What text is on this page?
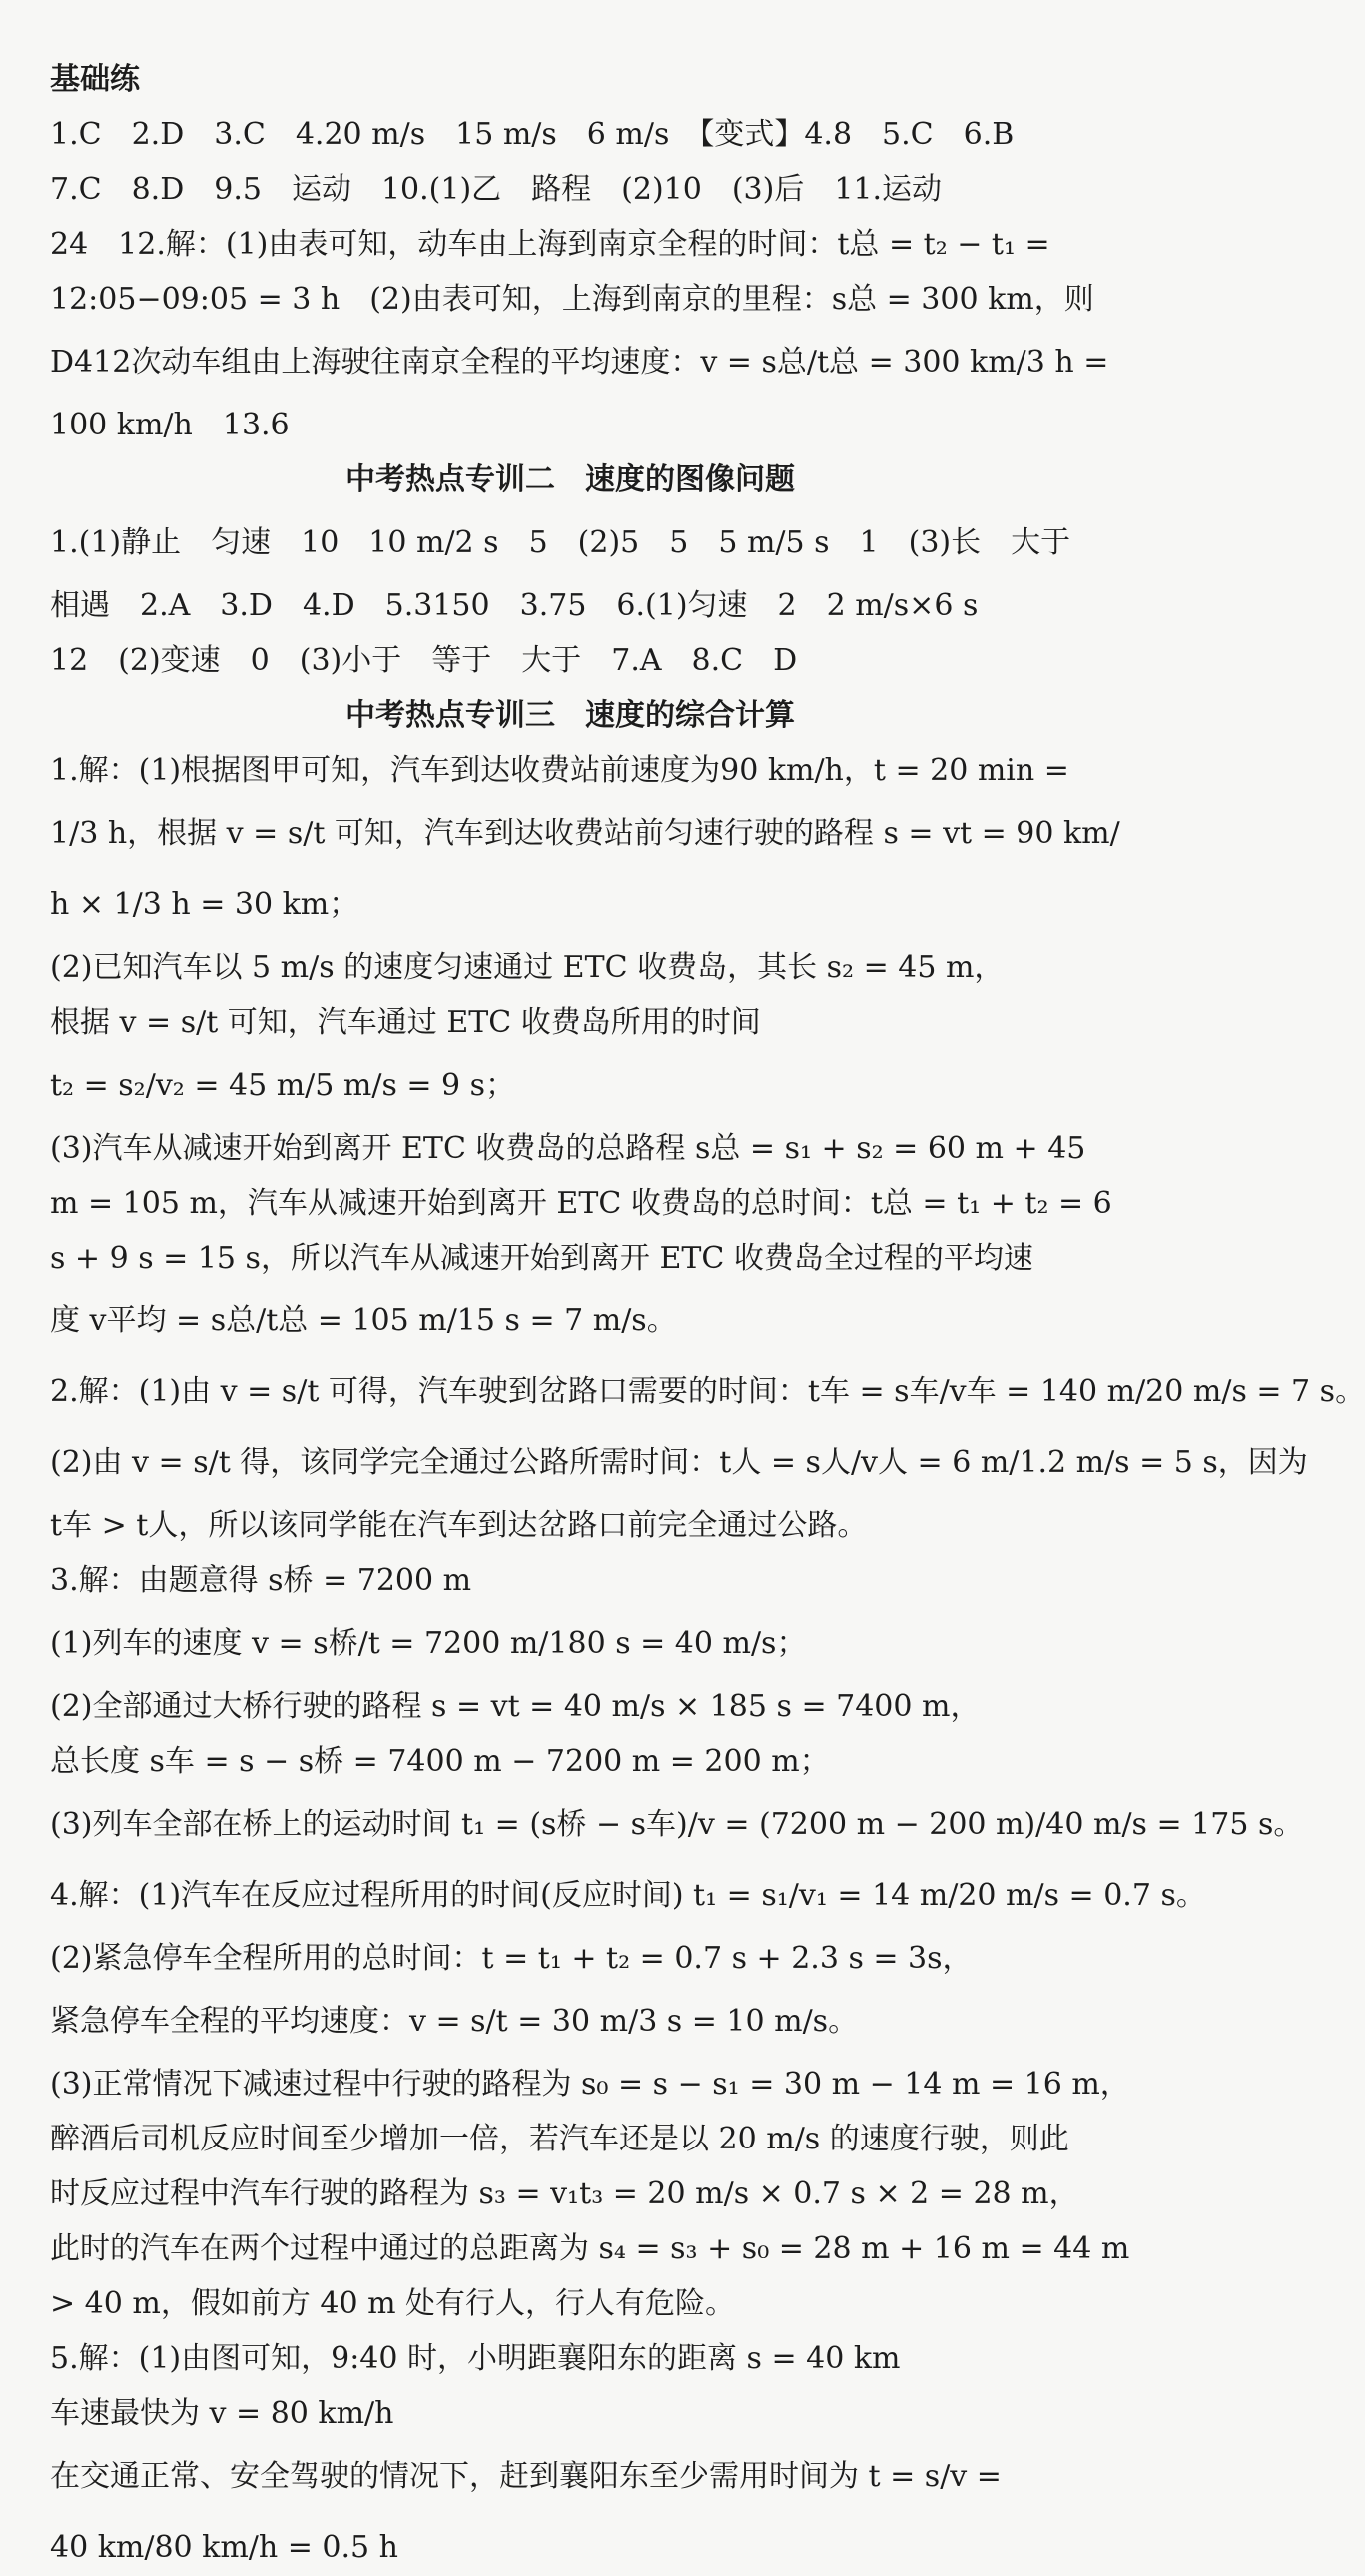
基础练
1.C　2.D　3.C　4.20 m/s　15 m/s　6 m/s　【变式】4.8　5.C　6.B
7.C　8.D　9.5　运动　10.(1)乙　路程　(2)10　(3)后　11.运动
24　12.解：(1)由表可知，动车由上海到南京全程的时间：t总 = t₂ − t₁ =
12:05−09:05 = 3 h　(2)由表可知，上海到南京的里程：s总 = 300 km，则
D412次动车组由上海驶往南京全程的平均速度：v = s总/t总 = 300 km/3 h =
100 km/h　13.6
中考热点专训二　速度的图像问题
1.(1)静止　匀速　10　10 m/2 s　5　(2)5　5　5 m/5 s　1　(3)长　大于
相遇　2.A　3.D　4.D　5.3150　3.75　6.(1)匀速　2　2 m/s×6 s
12　(2)变速　0　(3)小于　等于　大于　7.A　8.C　D
中考热点专训三　速度的综合计算
1.解：(1)根据图甲可知，汽车到达收费站前速度为90 km/h，t = 20 min =
1/3 h，根据 v = s/t 可知，汽车到达收费站前匀速行驶的路程 s = vt = 90 km/
h × 1/3 h = 30 km；
(2)已知汽车以 5 m/s 的速度匀速通过 ETC 收费岛，其长 s₂ = 45 m，
根据 v = s/t 可知，汽车通过 ETC 收费岛所用的时间
t₂ = s₂/v₂ = 45 m/5 m/s = 9 s；
(3)汽车从减速开始到离开 ETC 收费岛的总路程 s总 = s₁ + s₂ = 60 m + 45
m = 105 m，汽车从减速开始到离开 ETC 收费岛的总时间：t总 = t₁ + t₂ = 6
s + 9 s = 15 s，所以汽车从减速开始到离开 ETC 收费岛全过程的平均速
度 v平均 = s总/t总 = 105 m/15 s = 7 m/s。
2.解：(1)由 v = s/t 可得，汽车驶到岔路口需要的时间：t车 = s车/v车 = 140 m/20 m/s = 7 s。
(2)由 v = s/t 得，该同学完全通过公路所需时间：t人 = s人/v人 = 6 m/1.2 m/s = 5 s，因为
t车 > t人，所以该同学能在汽车到达岔路口前完全通过公路。
3.解：由题意得 s桥 = 7200 m
(1)列车的速度 v = s桥/t = 7200 m/180 s = 40 m/s；
(2)全部通过大桥行驶的路程 s = vt = 40 m/s × 185 s = 7400 m，
总长度 s车 = s − s桥 = 7400 m − 7200 m = 200 m；
(3)列车全部在桥上的运动时间 t₁ = (s桥 − s车)/v = (7200 m − 200 m)/40 m/s = 175 s。
4.解：(1)汽车在反应过程所用的时间(反应时间) t₁ = s₁/v₁ = 14 m/20 m/s = 0.7 s。
(2)紧急停车全程所用的总时间：t = t₁ + t₂ = 0.7 s + 2.3 s = 3s，
紧急停车全程的平均速度：v = s/t = 30 m/3 s = 10 m/s。
(3)正常情况下减速过程中行驶的路程为 s₀ = s − s₁ = 30 m − 14 m = 16 m，
醉酒后司机反应时间至少增加一倍，若汽车还是以 20 m/s 的速度行驶，则此
时反应过程中汽车行驶的路程为 s₃ = v₁t₃ = 20 m/s × 0.7 s × 2 = 28 m，
此时的汽车在两个过程中通过的总距离为 s₄ = s₃ + s₀ = 28 m + 16 m = 44 m
> 40 m，假如前方 40 m 处有行人，行人有危险。
5.解：(1)由图可知，9:40 时，小明距襄阳东的距离 s = 40 km
车速最快为 v = 80 km/h
在交通正常、安全驾驶的情况下，赶到襄阳东至少需用时间为 t = s/v =
40 km/80 km/h = 0.5 h
